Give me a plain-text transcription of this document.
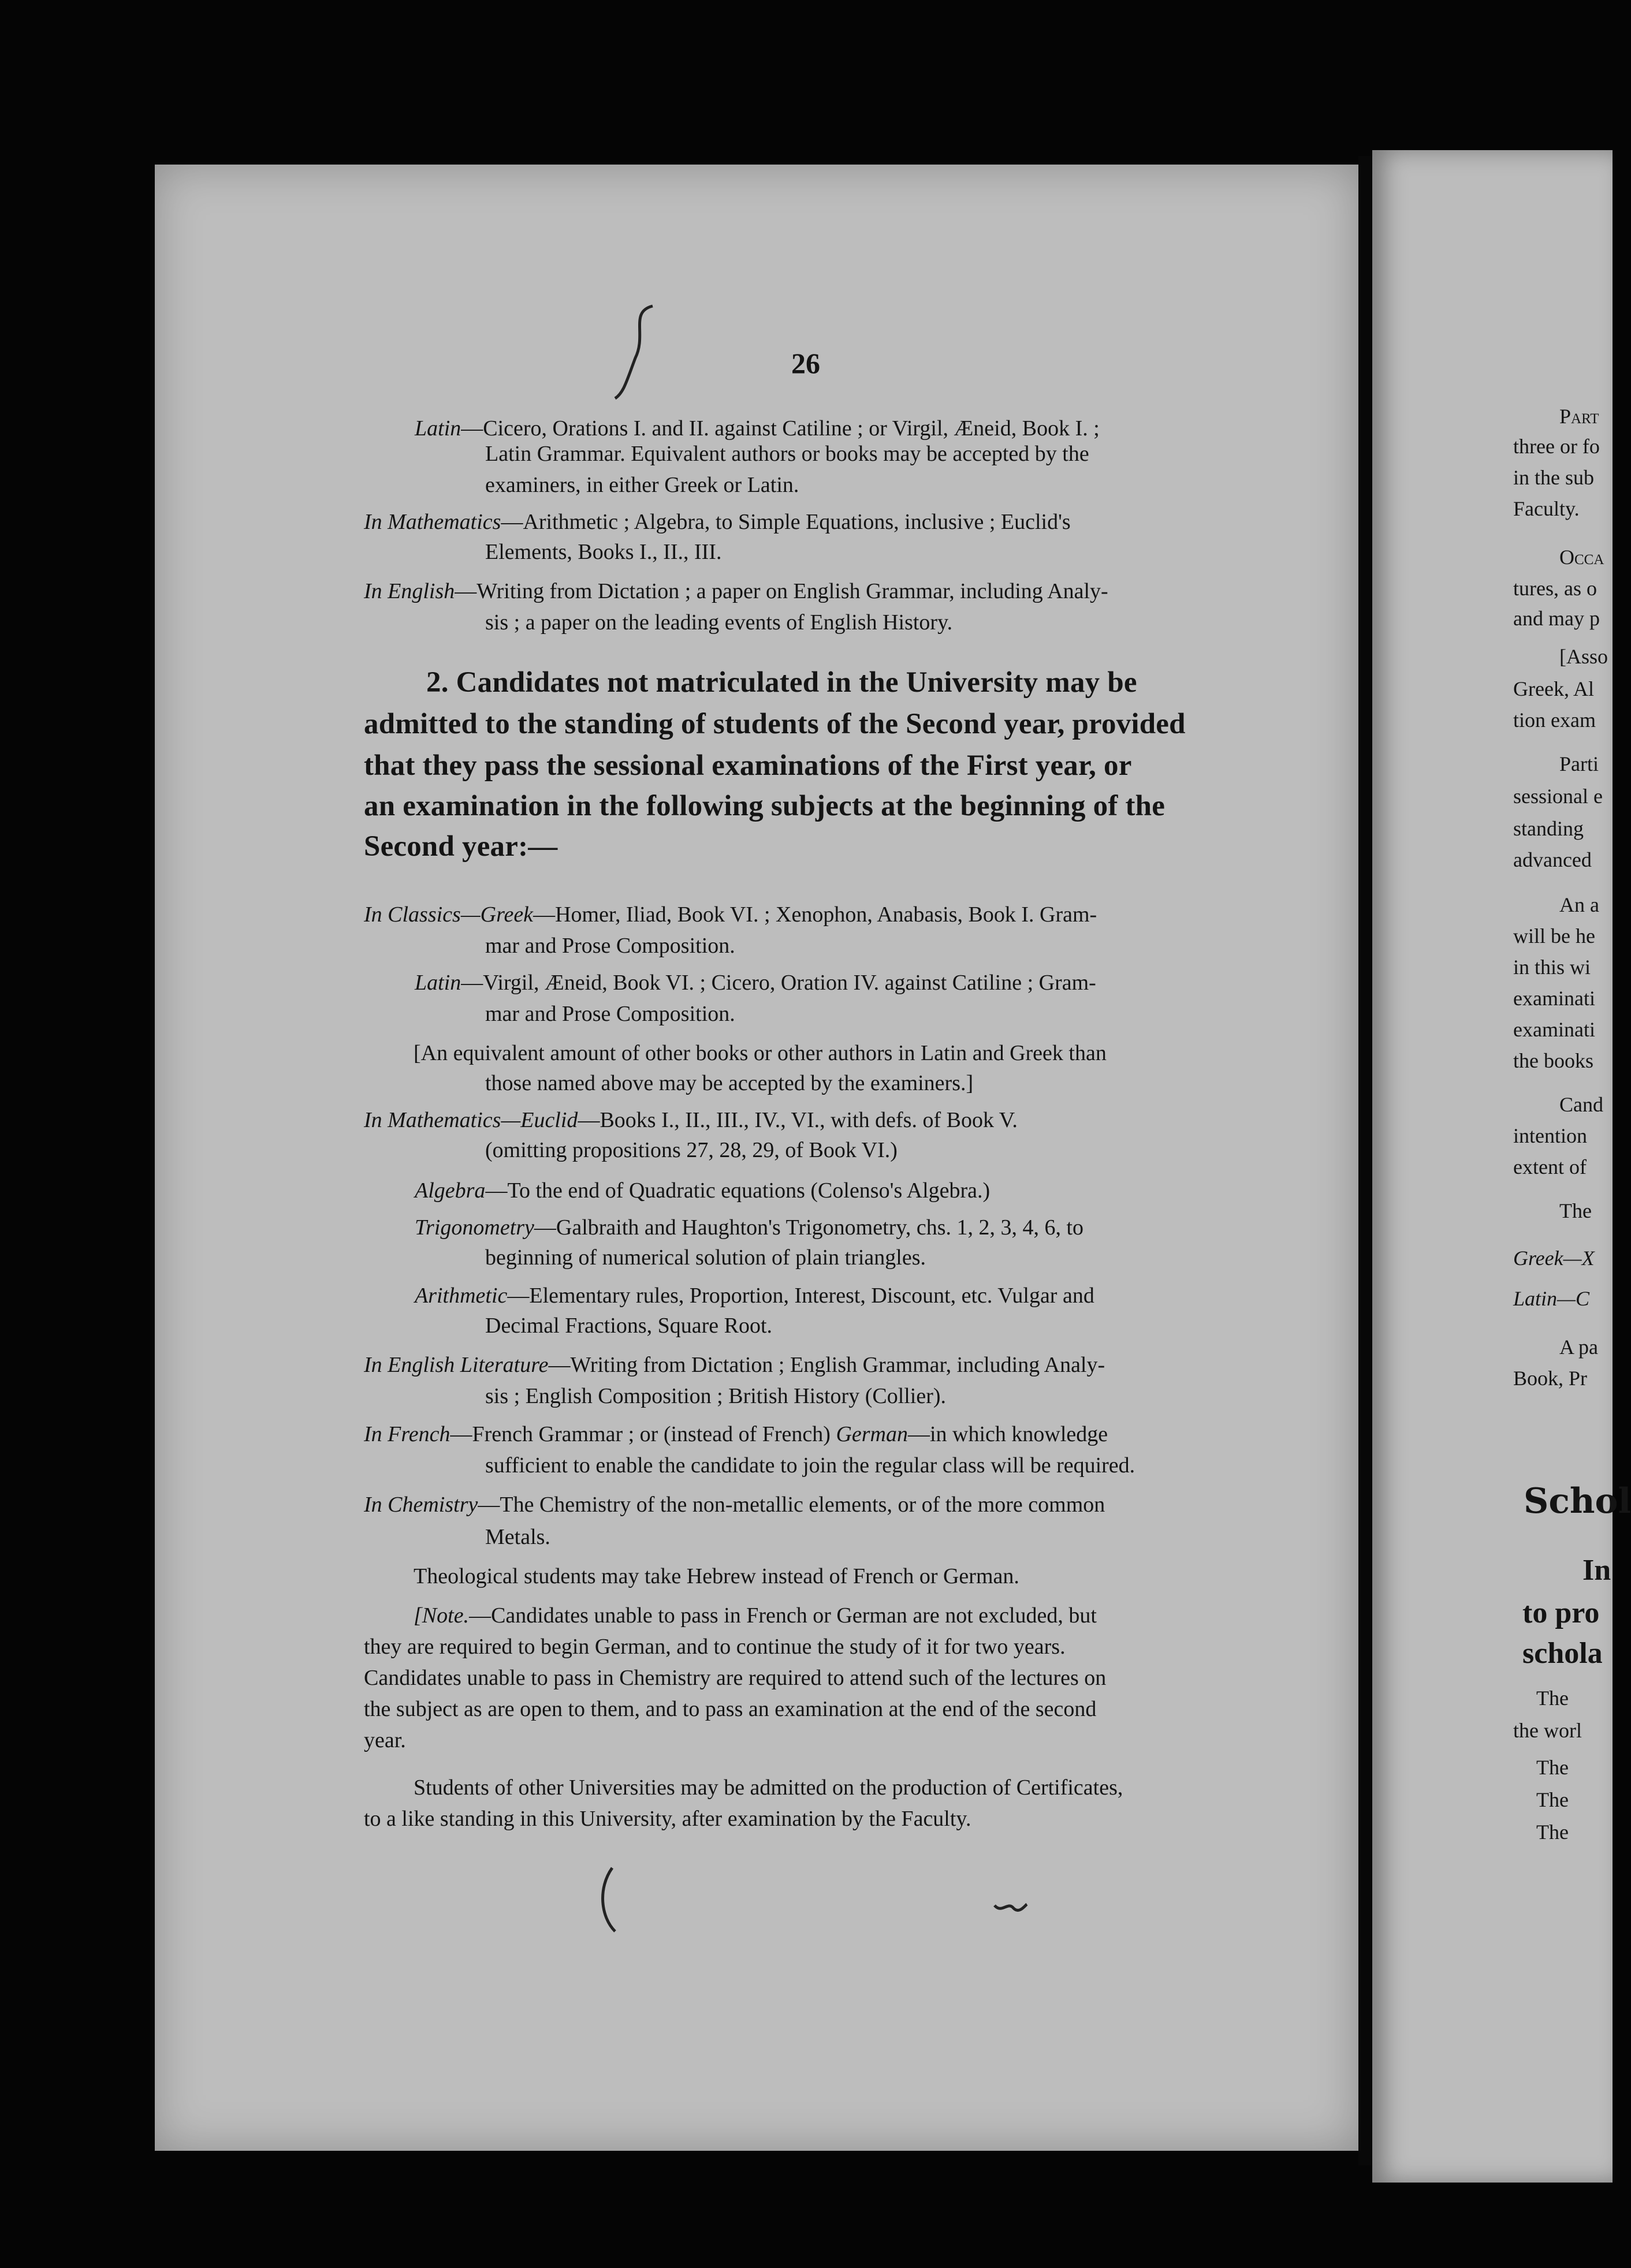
26
Latin—Cicero, Orations I. and II. against Catiline ; or Virgil, Æneid, Book I. ;
Latin Grammar. Equivalent authors or books may be accepted by the
examiners, in either Greek or Latin.
In Mathematics—Arithmetic ; Algebra, to Simple Equations, inclusive ; Euclid's
Elements, Books I., II., III.
In English—Writing from Dictation ; a paper on English Grammar, including Analy-
sis ; a paper on the leading events of English History.
2. Candidates not matriculated in the University may be
admitted to the standing of students of the Second year, provided
that they pass the sessional examinations of the First year, or
an examination in the following subjects at the beginning of the
Second year:—
In Classics—Greek—Homer, Iliad, Book VI. ; Xenophon, Anabasis, Book I. Gram-
mar and Prose Composition.
Latin—Virgil, Æneid, Book VI. ; Cicero, Oration IV. against Catiline ; Gram-
mar and Prose Composition.
[An equivalent amount of other books or other authors in Latin and Greek than
those named above may be accepted by the examiners.]
In Mathematics—Euclid—Books I., II., III., IV., VI., with defs. of Book V.
(omitting propositions 27, 28, 29, of Book VI.)
Algebra—To the end of Quadratic equations (Colenso's Algebra.)
Trigonometry—Galbraith and Haughton's Trigonometry, chs. 1, 2, 3, 4, 6, to
beginning of numerical solution of plain triangles.
Arithmetic—Elementary rules, Proportion, Interest, Discount, etc. Vulgar and
Decimal Fractions, Square Root.
In English Literature—Writing from Dictation ; English Grammar, including Analy-
sis ; English Composition ; British History (Collier).
In French—French Grammar ; or (instead of French) German—in which knowledge
sufficient to enable the candidate to join the regular class will be required.
In Chemistry—The Chemistry of the non-metallic elements, or of the more common
Metals.
Theological students may take Hebrew instead of French or German.
[Note.—Candidates unable to pass in French or German are not excluded, but
they are required to begin German, and to continue the study of it for two years.
Candidates unable to pass in Chemistry are required to attend such of the lectures on
the subject as are open to them, and to pass an examination at the end of the second
year.
Students of other Universities may be admitted on the production of Certificates,
to a like standing in this University, after examination by the Faculty.
Part
three or fo
in the sub
Faculty.
Occa
tures, as o
and may p
[Asso
Greek, Al
tion exam
Parti
sessional e
standing
advanced
An a
will be he
in this wi
examinati
examinati
the books
Cand
intention
extent of
The
Greek—X
Latin—C
A pa
Book, Pr
Schol
In
to pro
schola
The
the worl
The
The
The
